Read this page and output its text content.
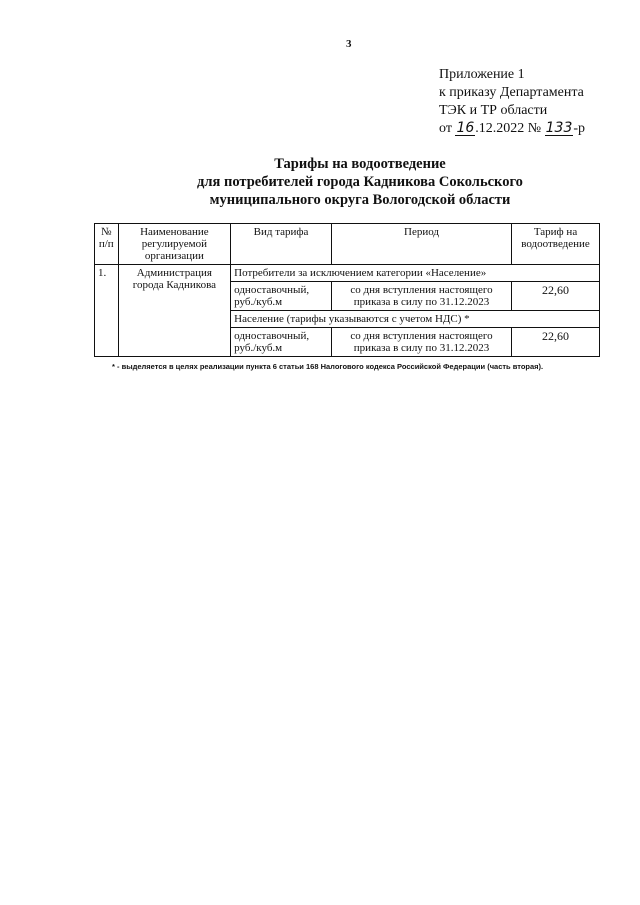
3
Приложение 1
к приказу Департамента
ТЭК и ТР области
от 16.12.2022 № 133-р
Тарифы на водоотведение
для потребителей города Кадникова Сокольского
муниципального округа Вологодской области
№ п/п	Наименование регулируемой организации	Вид тарифа	Период	Тариф на водоотведение
1.	Администрация города Кадникова	Потребители за исключением категории «Население»		
		одноставочный, руб./куб.м	со дня вступления настоящего приказа в силу по 31.12.2023	22,60
		Население (тарифы указываются с учетом НДС) *		
		одноставочный, руб./куб.м	со дня вступления настоящего приказа в силу по 31.12.2023	22,60
* - выделяется в целях реализации пункта 6 статьи 168 Налогового кодекса Российской Федерации (часть вторая).
